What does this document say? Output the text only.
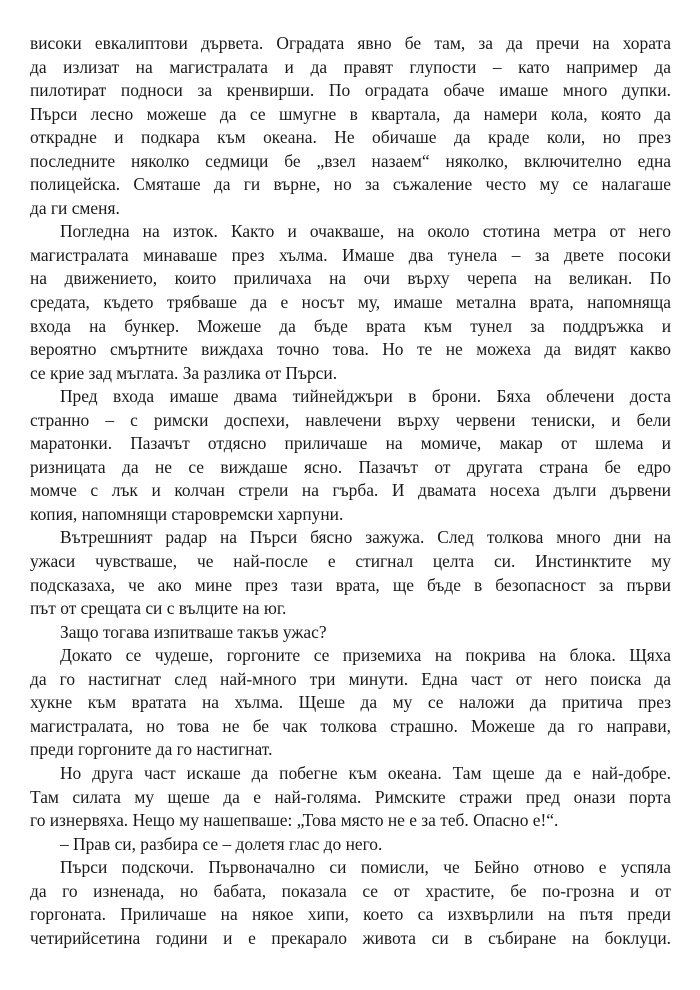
високи евкалиптови дървета. Оградата явно бе там, за да пречи на хората
да излизат на магистралата и да правят глупости – като например да
пилотират подноси за кренвирши. По оградата обаче имаше много дупки.
Пърси лесно можеше да се шмугне в квартала, да намери кола, която да
открадне и подкара към океана. Не обичаше да краде коли, но през
последните няколко седмици бе „взел назаем“ няколко, включително една
полицейска. Смяташе да ги върне, но за съжаление често му се налагаше
да ги сменя.
Погледна на изток. Както и очакваше, на около стотина метра от него
магистралата минаваше през хълма. Имаше два тунела – за двете посоки
на движението, които приличаха на очи върху черепа на великан. По
средата, където трябваше да е носът му, имаше метална врата, напомняща
входа на бункер. Можеше да бъде врата към тунел за поддръжка и
вероятно смъртните виждаха точно това. Но те не можеха да видят какво
се крие зад мъглата. За разлика от Пърси.
Пред входа имаше двама тийнейджъри в брони. Бяха облечени доста
странно – с римски доспехи, навлечени върху червени тениски, и бели
маратонки. Пазачът отдясно приличаше на момиче, макар от шлема и
ризницата да не се виждаше ясно. Пазачът от другата страна бе едро
момче с лък и колчан стрели на гърба. И двамата носеха дълги дървени
копия, напомнящи старовремски харпуни.
Вътрешният радар на Пърси бясно зажужа. След толкова много дни на
ужаси чувстваше, че най-после е стигнал целта си. Инстинктите му
подсказаха, че ако мине през тази врата, ще бъде в безопасност за първи
път от срещата си с вълците на юг.
Защо тогава изпитваше такъв ужас?
Докато се чудеше, горгоните се приземиха на покрива на блока. Щяха
да го настигнат след най-много три минути. Една част от него поиска да
хукне към вратата на хълма. Щеше да му се наложи да притича през
магистралата, но това не бе чак толкова страшно. Можеше да го направи,
преди горгоните да го настигнат.
Но друга част искаше да побегне към океана. Там щеше да е най-добре.
Там силата му щеше да е най-голяма. Римските стражи пред онази порта
го изнервяха. Нещо му нашепваше: „Това място не е за теб. Опасно е!“.
– Прав си, разбира се – долетя глас до него.
Пърси подскочи. Първоначално си помисли, че Бейно отново е успяла
да го изненада, но бабата, показала се от храстите, бе по-грозна и от
горгоната. Приличаше на някое хипи, което са изхвърлили на пътя преди
четирийсетина години и е прекарало живота си в събиране на боклуци.
